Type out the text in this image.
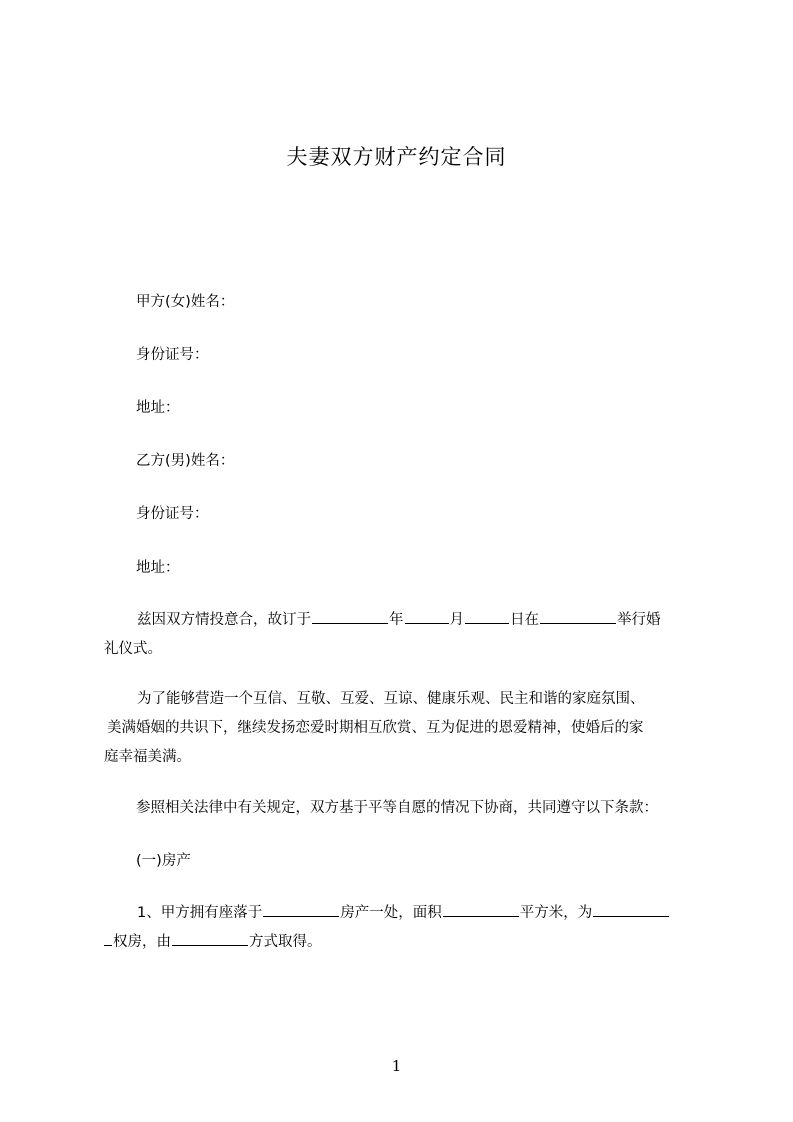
夫妻双方财产约定合同
甲方(女)姓名：
身份证号：
地址：
乙方(男)姓名：
身份证号：
地址：

兹因双方情投意合，故订于	年	月	日在	举行婚

礼仪式。

为了能够营造一个互信、互敬、互爱、互谅、健康乐观、民主和谐的家庭氛围、

美满婚姻的共识下，继续发扬恋爱时期相互欣赏、互为促进的恩爱精神，使婚后的家

庭幸福美满。

参照相关法律中有关规定，双方基于平等自愿的情况下协商，共同遵守以下条款：
(一)房产

1、甲方拥有座落于	房产一处，面积	平方米，为

权房，由	方式取得。

1
